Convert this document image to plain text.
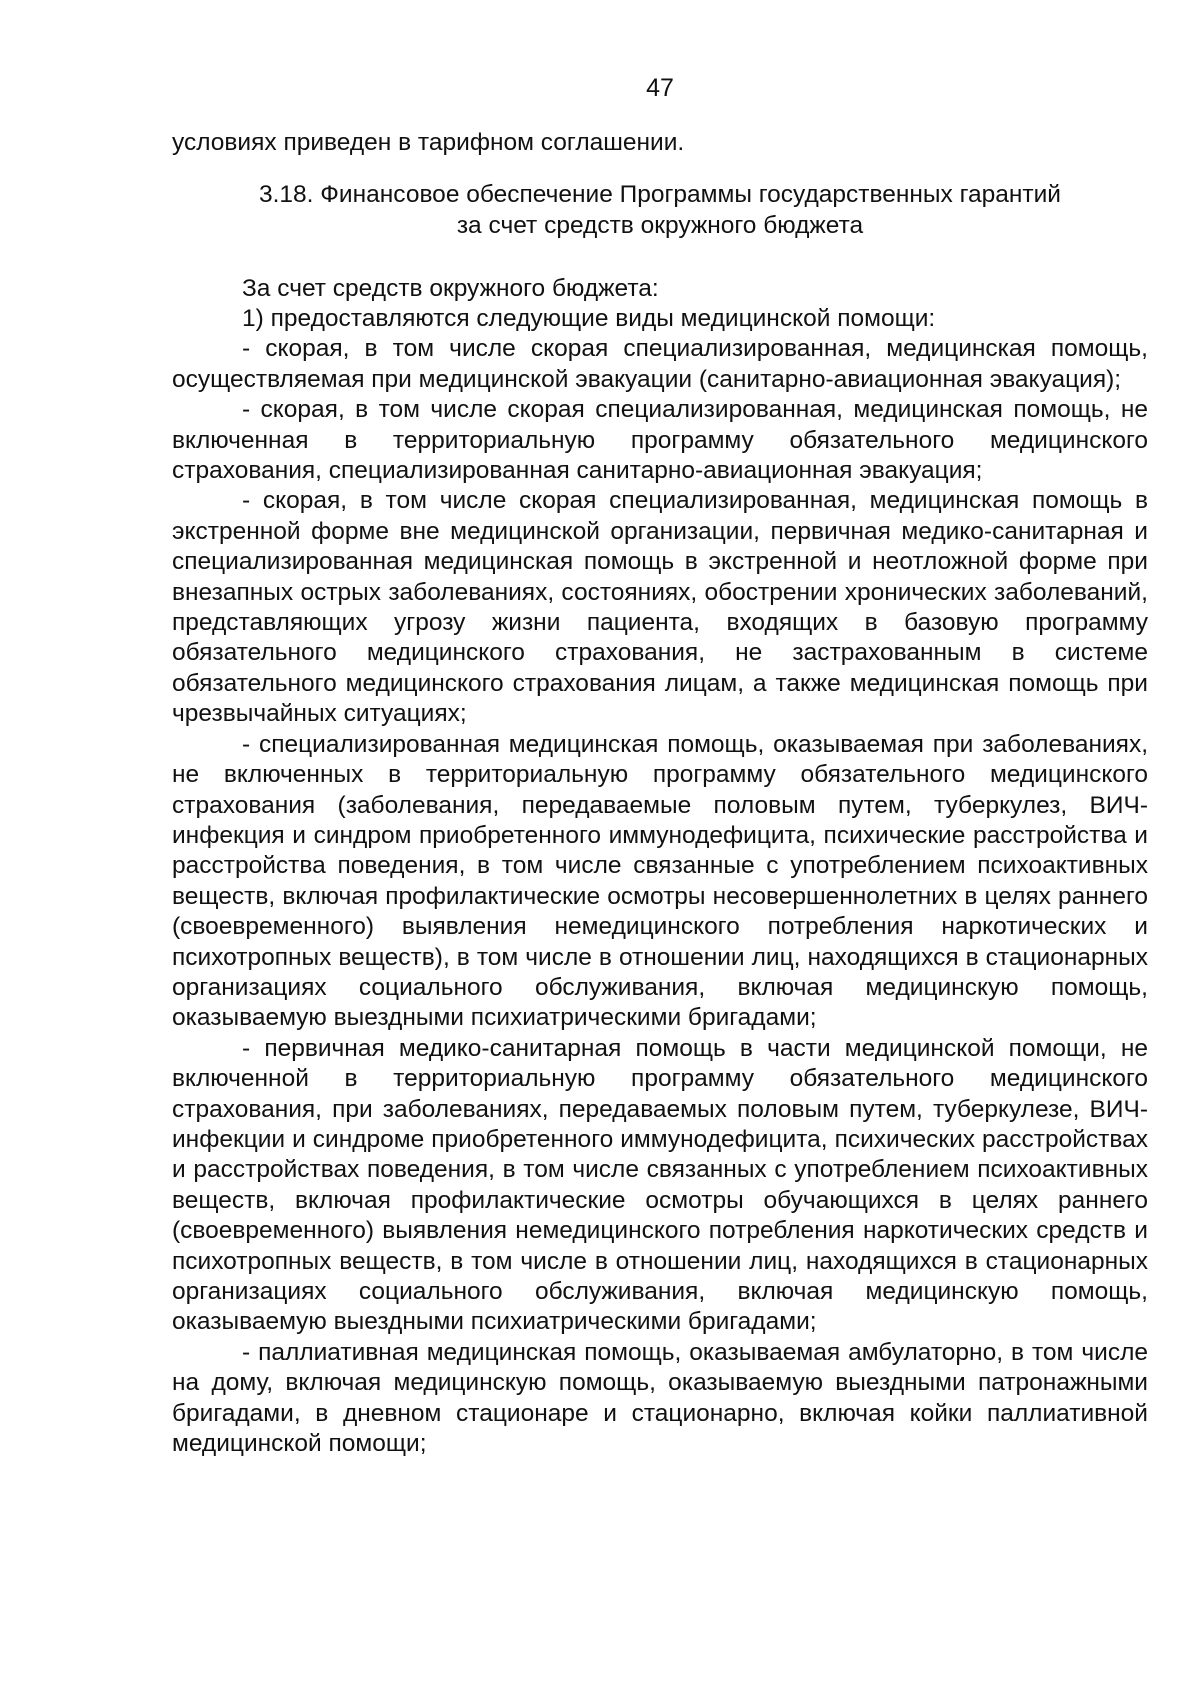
47

условиях приведен в тарифном соглашении.

3.18. Финансовое обеспечение Программы государственных гарантий
за счет средств окружного бюджета

За счет средств окружного бюджета:

1) предоставляются следующие виды медицинской помощи:

- скорая, в том числе скорая специализированная, медицинская помощь, осуществляемая при медицинской эвакуации (санитарно-авиационная эвакуация);

- скорая, в том числе скорая специализированная, медицинская помощь, не включенная в территориальную программу обязательного медицинского страхования, специализированная санитарно-авиационная эвакуация;

- скорая, в том числе скорая специализированная, медицинская помощь в экстренной форме вне медицинской организации, первичная медико-санитарная и специализированная медицинская помощь в экстренной и неотложной форме при внезапных острых заболеваниях, состояниях, обострении хронических заболеваний, представляющих угрозу жизни пациента, входящих в базовую программу обязательного медицинского страхования, не застрахованным в системе обязательного медицинского страхования лицам, а также медицинская помощь при чрезвычайных ситуациях;

- специализированная медицинская помощь, оказываемая при заболеваниях, не включенных в территориальную программу обязательного медицинского страхования (заболевания, передаваемые половым путем, туберкулез, ВИЧ-инфекция и синдром приобретенного иммунодефицита, психические расстройства и расстройства поведения, в том числе связанные с употреблением психоактивных веществ, включая профилактические осмотры несовершеннолетних в целях раннего (своевременного) выявления немедицинского потребления наркотических и психотропных веществ), в том числе в отношении лиц, находящихся в стационарных организациях социального обслуживания, включая медицинскую помощь, оказываемую выездными психиатрическими бригадами;

- первичная медико-санитарная помощь в части медицинской помощи, не включенной в территориальную программу обязательного медицинского страхования, при заболеваниях, передаваемых половым путем, туберкулезе, ВИЧ-инфекции и синдроме приобретенного иммунодефицита, психических расстройствах и расстройствах поведения, в том числе связанных с употреблением психоактивных веществ, включая профилактические осмотры обучающихся в целях раннего (своевременного) выявления немедицинского потребления наркотических средств и психотропных веществ, в том числе в отношении лиц, находящихся в стационарных организациях социального обслуживания, включая медицинскую помощь, оказываемую выездными психиатрическими бригадами;

- паллиативная медицинская помощь, оказываемая амбулаторно, в том числе на дому, включая медицинскую помощь, оказываемую выездными патронажными бригадами, в дневном стационаре и стационарно, включая койки паллиативной медицинской помощи;
